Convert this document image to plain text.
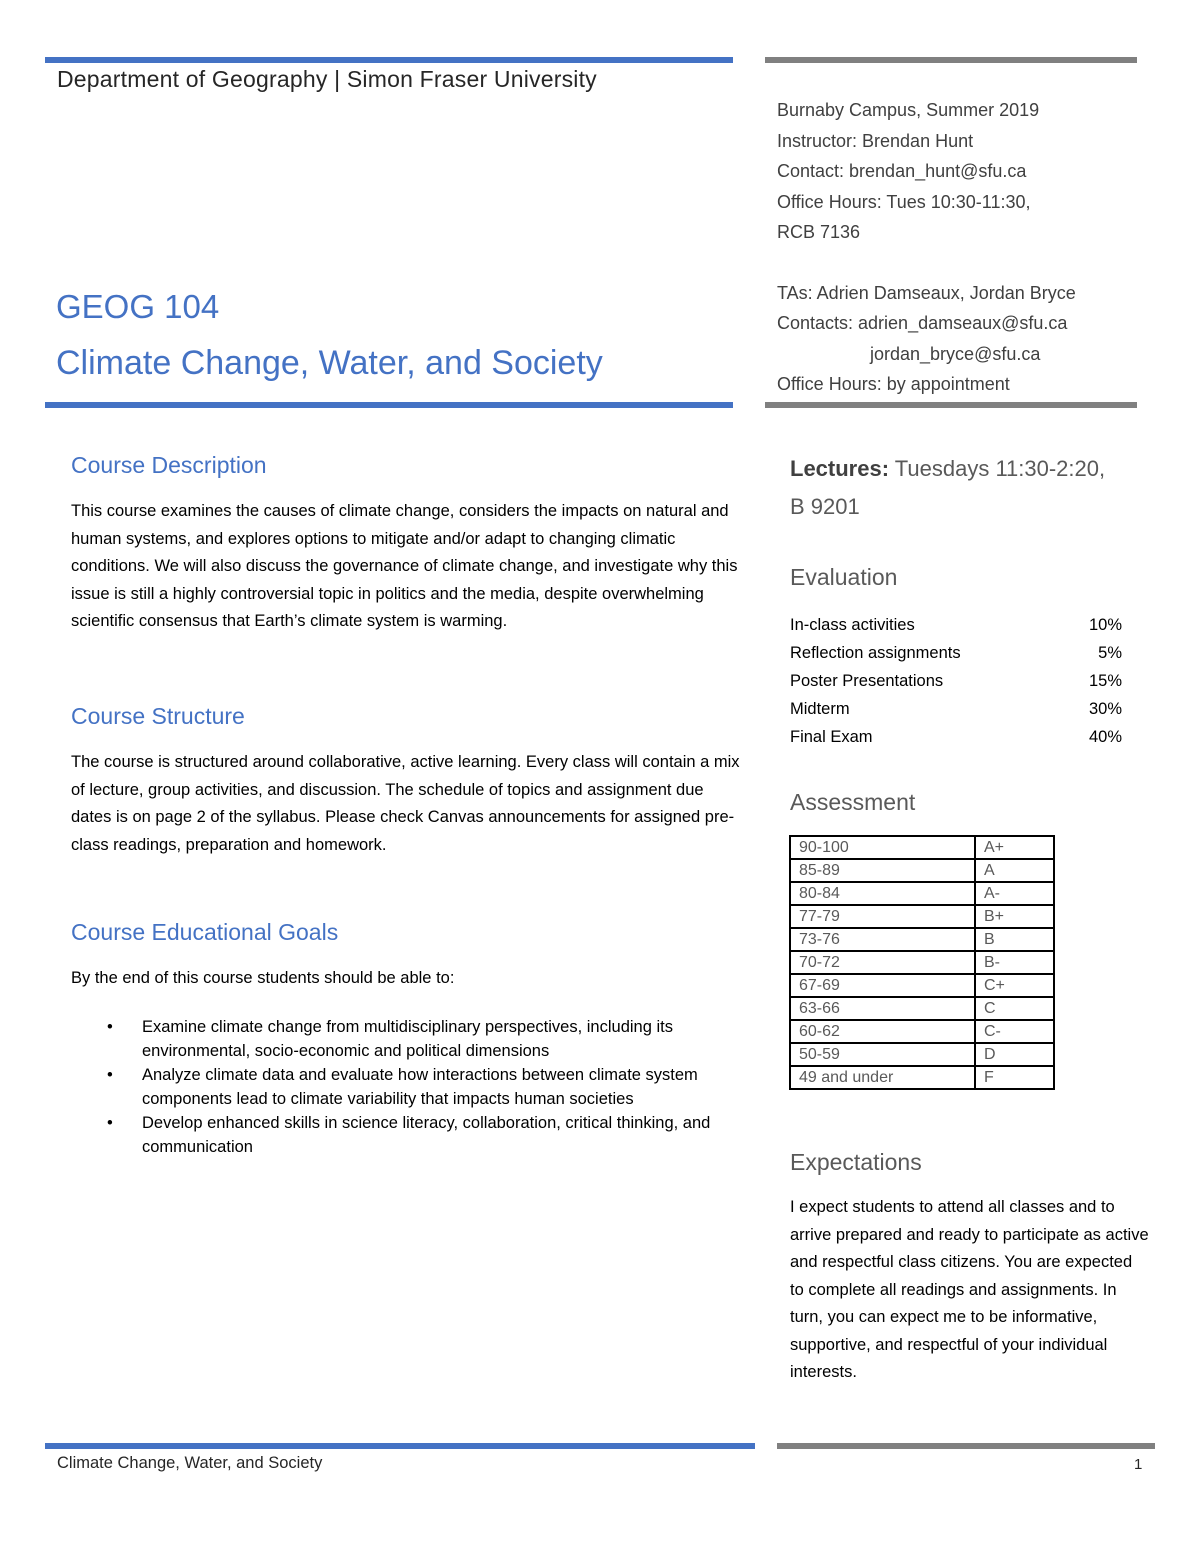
Department of Geography | Simon Fraser University
GEOG 104
Climate Change, Water, and Society
Burnaby Campus, Summer 2019
Instructor: Brendan Hunt
Contact: brendan_hunt@sfu.ca
Office Hours: Tues 10:30-11:30,
RCB 7136
TAs: Adrien Damseaux, Jordan Bryce
Contacts: adrien_damseaux@sfu.ca
jordan_bryce@sfu.ca
Office Hours: by appointment
Course Description
This course examines the causes of climate change, considers the impacts on natural and human systems, and explores options to mitigate and/or adapt to changing climatic conditions. We will also discuss the governance of climate change, and investigate why this issue is still a highly controversial topic in politics and the media, despite overwhelming scientific consensus that Earth’s climate system is warming.
Course Structure
The course is structured around collaborative, active learning. Every class will contain a mix of lecture, group activities, and discussion. The schedule of topics and assignment due dates is on page 2 of the syllabus. Please check Canvas announcements for assigned pre-class readings, preparation and homework.
Course Educational Goals
By the end of this course students should be able to:
• Examine climate change from multidisciplinary perspectives, including its environmental, socio-economic and political dimensions
• Analyze climate data and evaluate how interactions between climate system components lead to climate variability that impacts human societies
• Develop enhanced skills in science literacy, collaboration, critical thinking, and communication
Lectures: Tuesdays 11:30-2:20,
B 9201
Evaluation
In-class activities	10%
Reflection assignments	5%
Poster Presentations	15%
Midterm	30%
Final Exam	40%
Assessment
90-100	A+
85-89	A
80-84	A-
77-79	B+
73-76	B
70-72	B-
67-69	C+
63-66	C
60-62	C-
50-59	D
49 and under	F
Expectations
I expect students to attend all classes and to arrive prepared and ready to participate as active and respectful class citizens. You are expected to complete all readings and assignments. In turn, you can expect me to be informative, supportive, and respectful of your individual interests.
Climate Change, Water, and Society	1
